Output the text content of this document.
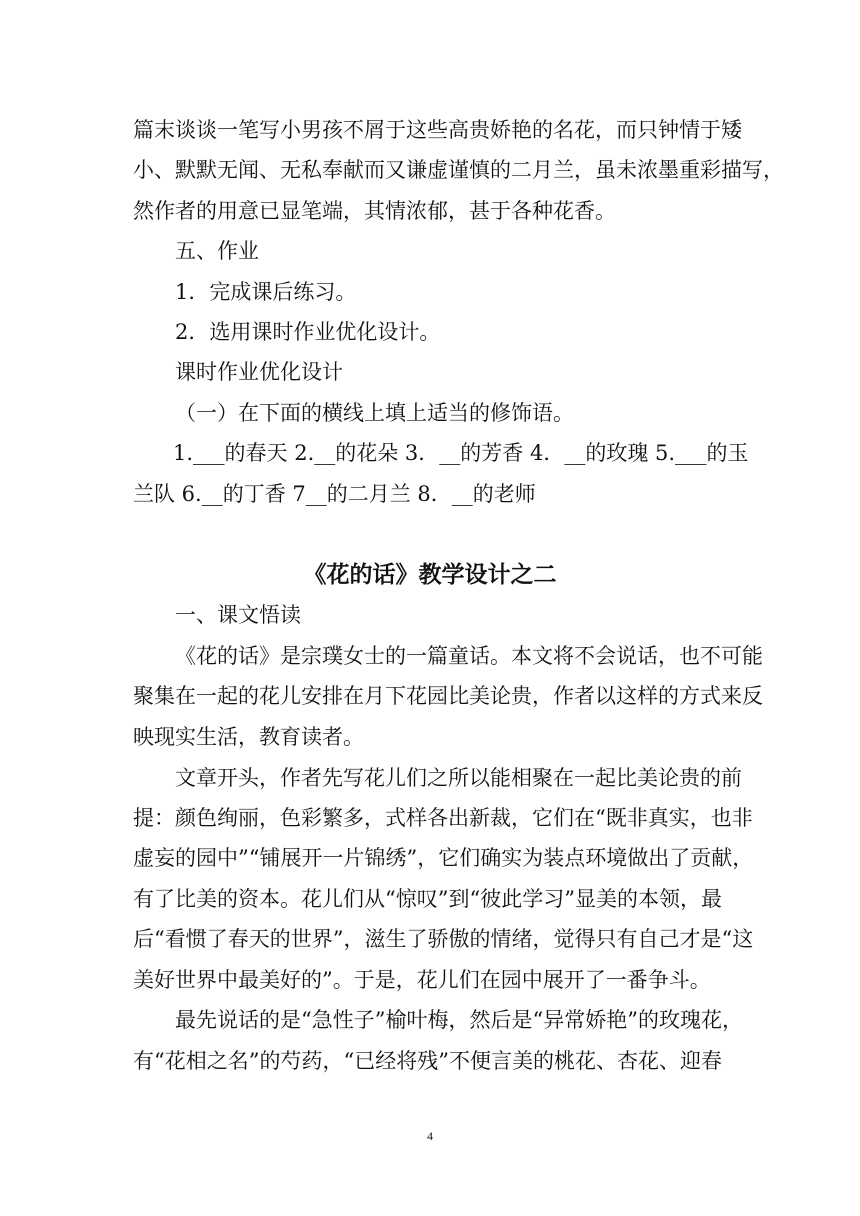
篇末谈谈一笔写小男孩不屑于这些高贵娇艳的名花，而只钟情于矮
小、默默无闻、无私奉献而又谦虚谨慎的二月兰，虽未浓墨重彩描写，
然作者的用意已显笔端，其情浓郁，甚于各种花香。
五、作业
1．完成课后练习。
2．选用课时作业优化设计。
课时作业优化设计
（一）在下面的横线上填上适当的修饰语。
1.___的春天 2.__的花朵 3．__的芳香 4．__的玫瑰 5.___的玉
兰队 6.__的丁香 7__的二月兰 8．__的老师
《花的话》教学设计之二
一、课文悟读
《花的话》是宗璞女士的一篇童话。本文将不会说话，也不可能
聚集在一起的花儿安排在月下花园比美论贵，作者以这样的方式来反
映现实生活，教育读者。
文章开头，作者先写花儿们之所以能相聚在一起比美论贵的前
提：颜色绚丽，色彩繁多，式样各出新裁，它们在“既非真实，也非
虚妄的园中”“铺展开一片锦绣”，它们确实为装点环境做出了贡献，
有了比美的资本。花儿们从“惊叹”到“彼此学习”显美的本领，最
后“看惯了春天的世界”，滋生了骄傲的情绪，觉得只有自己才是“这
美好世界中最美好的”。于是，花儿们在园中展开了一番争斗。
最先说话的是“急性子”榆叶梅，然后是“异常娇艳”的玫瑰花，
有“花相之名”的芍药，“已经将残”不便言美的桃花、杏花、迎春
4
